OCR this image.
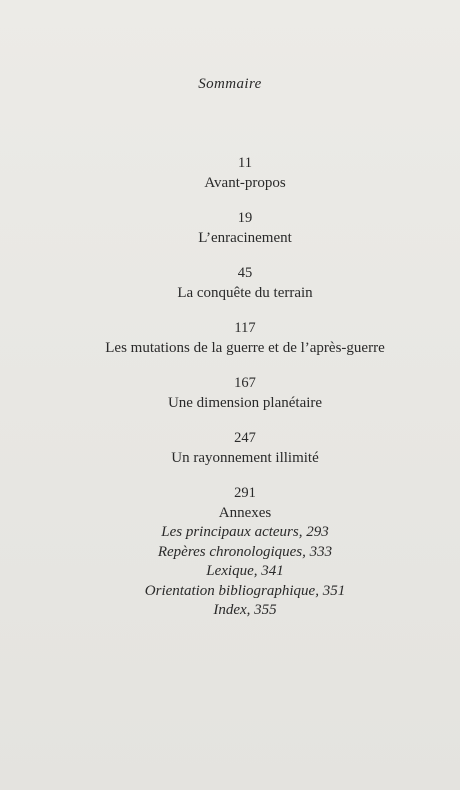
Sommaire
11
Avant-propos
19
L’enracinement
45
La conquête du terrain
117
Les mutations de la guerre et de l’après-guerre
167
Une dimension planétaire
247
Un rayonnement illimité
291
Annexes
Les principaux acteurs, 293
Repères chronologiques, 333
Lexique, 341
Orientation bibliographique, 351
Index, 355
